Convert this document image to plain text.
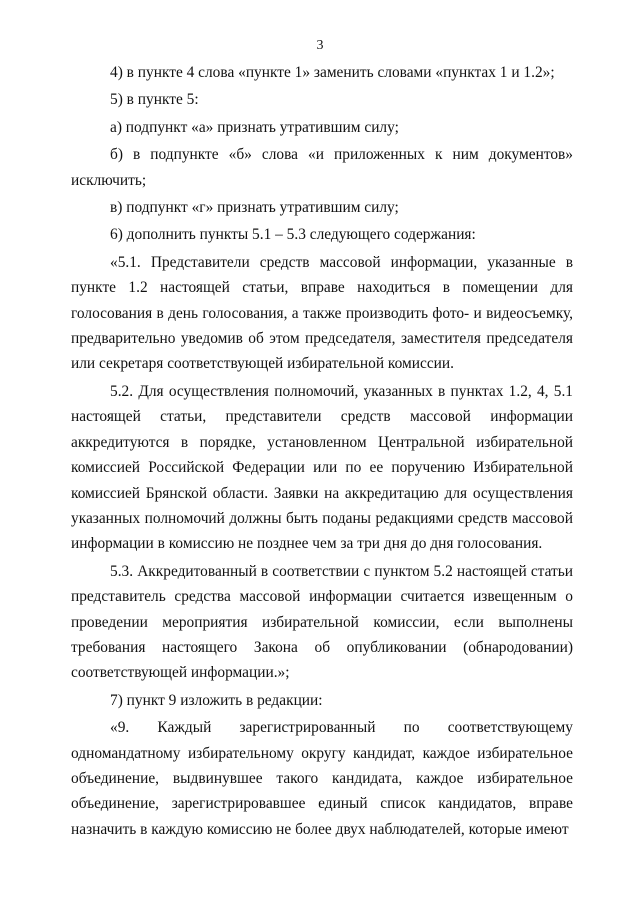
3

4) в пункте 4 слова «пункте 1» заменить словами «пунктах 1 и 1.2»;

5) в пункте 5:

а) подпункт «а» признать утратившим силу;

б) в подпункте «б» слова «и приложенных к ним документов» исключить;

в) подпункт «г» признать утратившим силу;

6) дополнить пункты 5.1 – 5.3 следующего содержания:

«5.1. Представители средств массовой информации, указанные в пункте 1.2 настоящей статьи, вправе находиться в помещении для голосования в день голосования, а также производить фото- и видеосъемку, предварительно уведомив об этом председателя, заместителя председателя или секретаря соответствующей избирательной комиссии.

5.2. Для осуществления полномочий, указанных в пунктах 1.2, 4, 5.1 настоящей статьи, представители средств массовой информации аккредитуются в порядке, установленном Центральной избирательной комиссией Российской Федерации или по ее поручению Избирательной комиссией Брянской области. Заявки на аккредитацию для осуществления указанных полномочий должны быть поданы редакциями средств массовой информации в комиссию не позднее чем за три дня до дня голосования.

5.3. Аккредитованный в соответствии с пунктом 5.2 настоящей статьи представитель средства массовой информации считается извещенным о проведении мероприятия избирательной комиссии, если выполнены требования настоящего Закона об опубликовании (обнародовании) соответствующей информации.»;

7) пункт 9 изложить в редакции:

«9. Каждый зарегистрированный по соответствующему одномандатному избирательному округу кандидат, каждое избирательное объединение, выдвинувшее такого кандидата, каждое избирательное объединение, зарегистрировавшее единый список кандидатов, вправе назначить в каждую комиссию не более двух наблюдателей, которые имеют
